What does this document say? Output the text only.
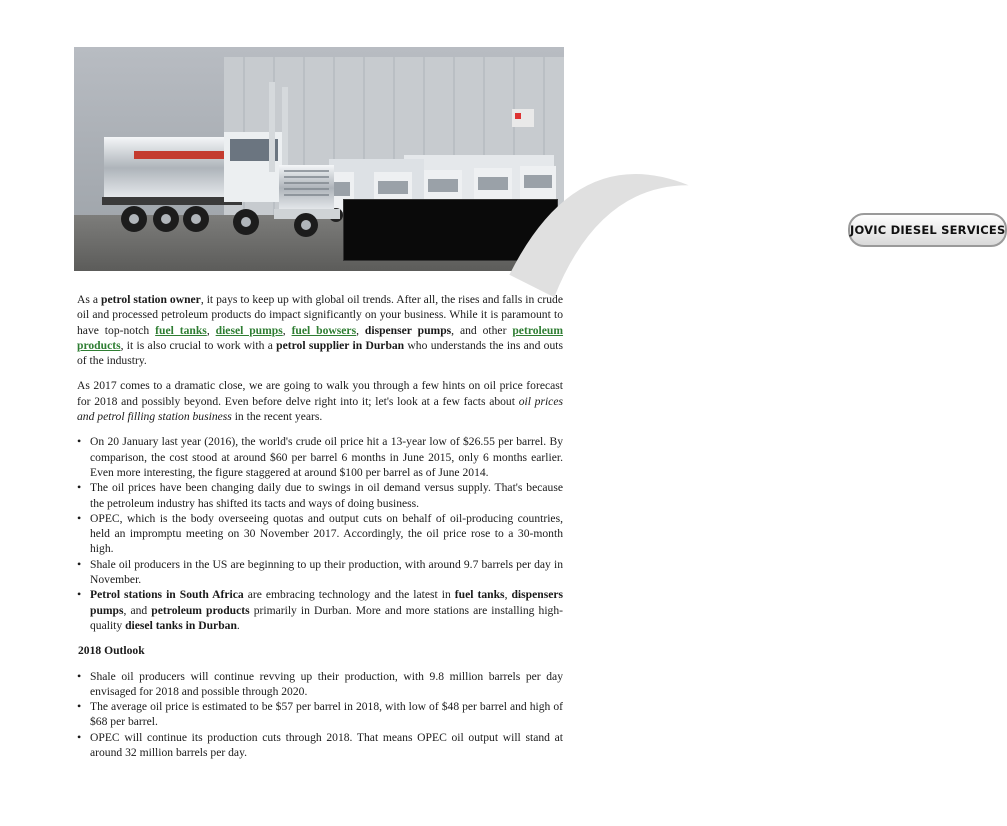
JOVIC DIESEL SERVICES

As a petrol station owner, it pays to keep up with global oil trends. After all, the rises and falls in crude oil and processed petroleum products do impact significantly on your business. While it is paramount to have top-notch fuel tanks, diesel pumps, fuel bowsers, dispenser pumps, and other petroleum products, it is also crucial to work with a petrol supplier in Durban who understands the ins and outs of the industry.

As 2017 comes to a dramatic close, we are going to walk you through a few hints on oil price forecast for 2018 and possibly beyond. Even before delve right into it; let's look at a few facts about oil prices and petrol filling station business in the recent years.

• On 20 January last year (2016), the world's crude oil price hit a 13-year low of $26.55 per barrel. By comparison, the cost stood at around $60 per barrel 6 months in June 2015, only 6 months earlier. Even more interesting, the figure staggered at around $100 per barrel as of June 2014.
• The oil prices have been changing daily due to swings in oil demand versus supply. That's because the petroleum industry has shifted its tacts and ways of doing business.
• OPEC, which is the body overseeing quotas and output cuts on behalf of oil-producing countries, held an impromptu meeting on 30 November 2017. Accordingly, the oil price rose to a 30-month high.
• Shale oil producers in the US are beginning to up their production, with around 9.7 barrels per day in November.
• Petrol stations in South Africa are embracing technology and the latest in fuel tanks, dispensers pumps, and petroleum products primarily in Durban. More and more stations are installing high-quality diesel tanks in Durban.
2018 Outlook
• Shale oil producers will continue revving up their production, with 9.8 million barrels per day envisaged for 2018 and possible through 2020.
• The average oil price is estimated to be $57 per barrel in 2018, with low of $48 per barrel and high of $68 per barrel.
• OPEC will continue its production cuts through 2018. That means OPEC oil output will stand at around 32 million barrels per day.
